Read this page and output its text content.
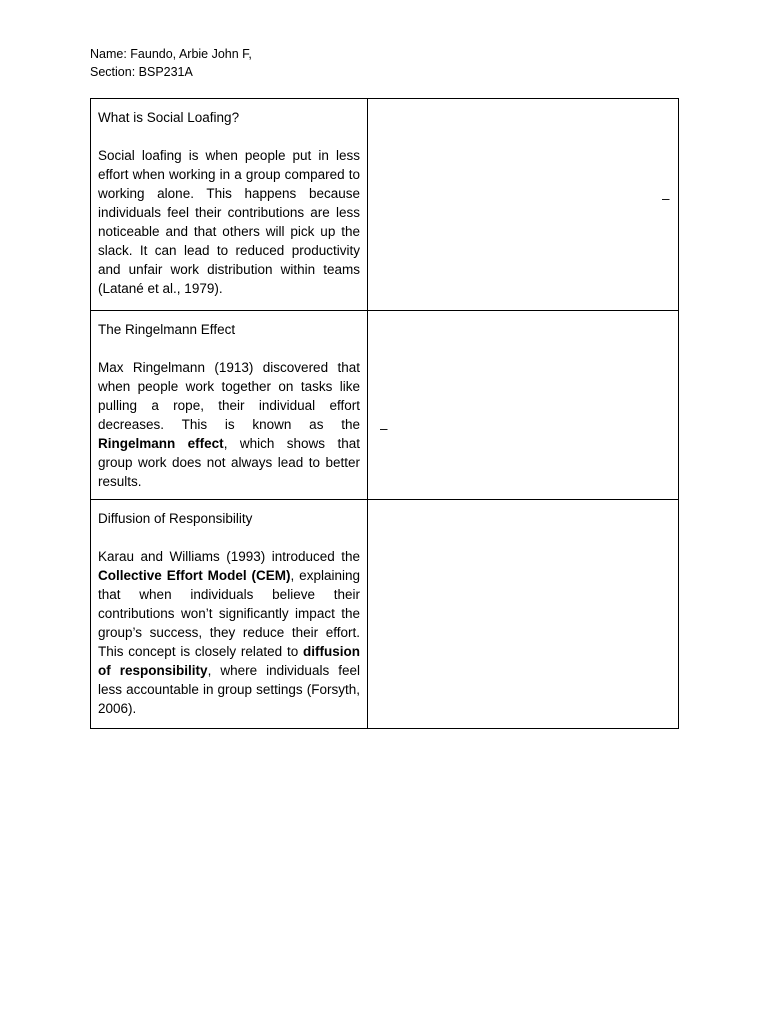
Name: Faundo, Arbie John F,
Section: BSP231A

What is Social Loafing?

Social loafing is when people put in less effort when working in a group compared to working alone. This happens because individuals feel their contributions are less noticeable and that others will pick up the slack. It can lead to reduced productivity and unfair work distribution within teams (Latané et al., 1979).	–

The Ringelmann Effect

Max Ringelmann (1913) discovered that when people work together on tasks like pulling a rope, their individual effort decreases. This is known as the Ringelmann effect, which shows that group work does not always lead to better results.	–

Diffusion of Responsibility

Karau and Williams (1993) introduced the Collective Effort Model (CEM), explaining that when individuals believe their contributions won’t significantly impact the group’s success, they reduce their effort. This concept is closely related to diffusion of responsibility, where individuals feel less accountable in group settings (Forsyth, 2006).	
